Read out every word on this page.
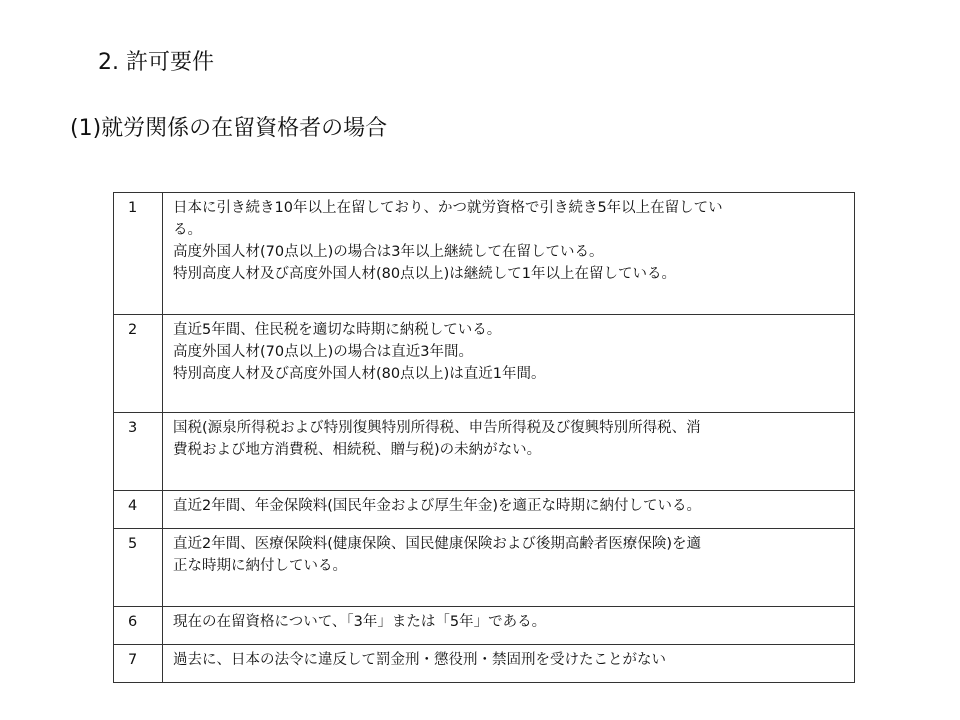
2. 許可要件
(1)就労関係の在留資格者の場合
1	日本に引き続き10年以上在留しており、かつ就労資格で引き続き5年以上在留してい
る。
高度外国人材(70点以上)の場合は3年以上継続して在留している。
特別高度人材及び高度外国人材(80点以上)は継続して1年以上在留している。

2	直近5年間、住民税を適切な時期に納税している。
高度外国人材(70点以上)の場合は直近3年間。
特別高度人材及び高度外国人材(80点以上)は直近1年間。

3	国税(源泉所得税および特別復興特別所得税、申告所得税及び復興特別所得税、消
費税および地方消費税、相続税、贈与税)の未納がない。

4	直近2年間、年金保険料(国民年金および厚生年金)を適正な時期に納付している。

5	直近2年間、医療保険料(健康保険、国民健康保険および後期高齢者医療保険)を適
正な時期に納付している。

6	現在の在留資格について、「3年」または「5年」である。

7	過去に、日本の法令に違反して罰金刑・懲役刑・禁固刑を受けたことがない
